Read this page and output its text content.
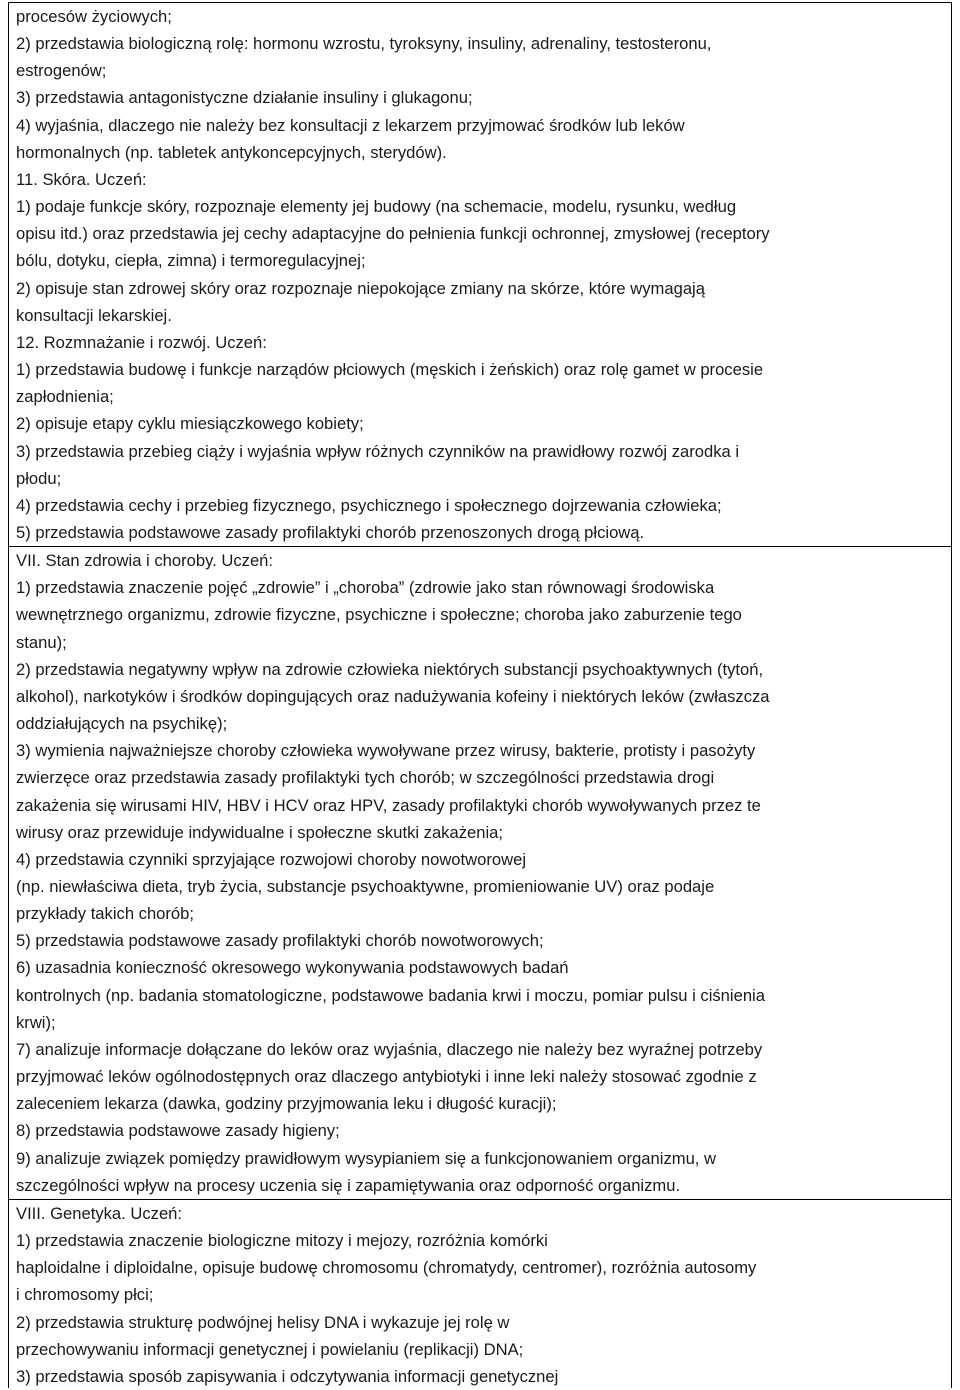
procesów życiowych;
2) przedstawia biologiczną rolę: hormonu wzrostu, tyroksyny, insuliny, adrenaliny, testosteronu,
estrogenów;
3) przedstawia antagonistyczne działanie insuliny i glukagonu;
4) wyjaśnia, dlaczego nie należy bez konsultacji z lekarzem przyjmować środków lub leków
hormonalnych (np. tabletek antykoncepcyjnych, sterydów).
11. Skóra. Uczeń:
1) podaje funkcje skóry, rozpoznaje elementy jej budowy (na schemacie, modelu, rysunku, według
opisu itd.) oraz przedstawia jej cechy adaptacyjne do pełnienia funkcji ochronnej, zmysłowej (receptory
bólu, dotyku, ciepła, zimna) i termoregulacyjnej;
2) opisuje stan zdrowej skóry oraz rozpoznaje niepokojące zmiany na skórze, które wymagają
konsultacji lekarskiej.
12. Rozmnażanie i rozwój. Uczeń:
1) przedstawia budowę i funkcje narządów płciowych (męskich i żeńskich) oraz rolę gamet w procesie
zapłodnienia;
2) opisuje etapy cyklu miesiączkowego kobiety;
3) przedstawia przebieg ciąży i wyjaśnia wpływ różnych czynników na prawidłowy rozwój zarodka i
płodu;
4) przedstawia cechy i przebieg fizycznego, psychicznego i społecznego dojrzewania człowieka;
5) przedstawia podstawowe zasady profilaktyki chorób przenoszonych drogą płciową.
VII. Stan zdrowia i choroby. Uczeń:
1) przedstawia znaczenie pojęć „zdrowie” i „choroba” (zdrowie jako stan równowagi środowiska
wewnętrznego organizmu, zdrowie fizyczne, psychiczne i społeczne; choroba jako zaburzenie tego
stanu);
2) przedstawia negatywny wpływ na zdrowie człowieka niektórych substancji psychoaktywnych (tytoń,
alkohol), narkotyków i środków dopingujących oraz nadużywania kofeiny i niektórych leków (zwłaszcza
oddziałujących na psychikę);
3) wymienia najważniejsze choroby człowieka wywoływane przez wirusy, bakterie, protisty i pasożyty
zwierzęce oraz przedstawia zasady profilaktyki tych chorób; w szczególności przedstawia drogi
zakażenia się wirusami HIV, HBV i HCV oraz HPV, zasady profilaktyki chorób wywoływanych przez te
wirusy oraz przewiduje indywidualne i społeczne skutki zakażenia;
4) przedstawia czynniki sprzyjające rozwojowi choroby nowotworowej
(np. niewłaściwa dieta, tryb życia, substancje psychoaktywne, promieniowanie UV) oraz podaje
przykłady takich chorób;
5) przedstawia podstawowe zasady profilaktyki chorób nowotworowych;
6) uzasadnia konieczność okresowego wykonywania podstawowych badań
kontrolnych (np. badania stomatologiczne, podstawowe badania krwi i moczu, pomiar pulsu i ciśnienia
krwi);
7) analizuje informacje dołączane do leków oraz wyjaśnia, dlaczego nie należy bez wyraźnej potrzeby
przyjmować leków ogólnodostępnych oraz dlaczego antybiotyki i inne leki należy stosować zgodnie z
zaleceniem lekarza (dawka, godziny przyjmowania leku i długość kuracji);
8) przedstawia podstawowe zasady higieny;
9) analizuje związek pomiędzy prawidłowym wysypianiem się a funkcjonowaniem organizmu, w
szczególności wpływ na procesy uczenia się i zapamiętywania oraz odporność organizmu.
VIII. Genetyka. Uczeń:
1) przedstawia znaczenie biologiczne mitozy i mejozy, rozróżnia komórki
haploidalne i diploidalne, opisuje budowę chromosomu (chromatydy, centromer), rozróżnia autosomy
i chromosomy płci;
2) przedstawia strukturę podwójnej helisy DNA i wykazuje jej rolę w
przechowywaniu informacji genetycznej i powielaniu (replikacji) DNA;
3) przedstawia sposób zapisywania i odczytywania informacji genetycznej
